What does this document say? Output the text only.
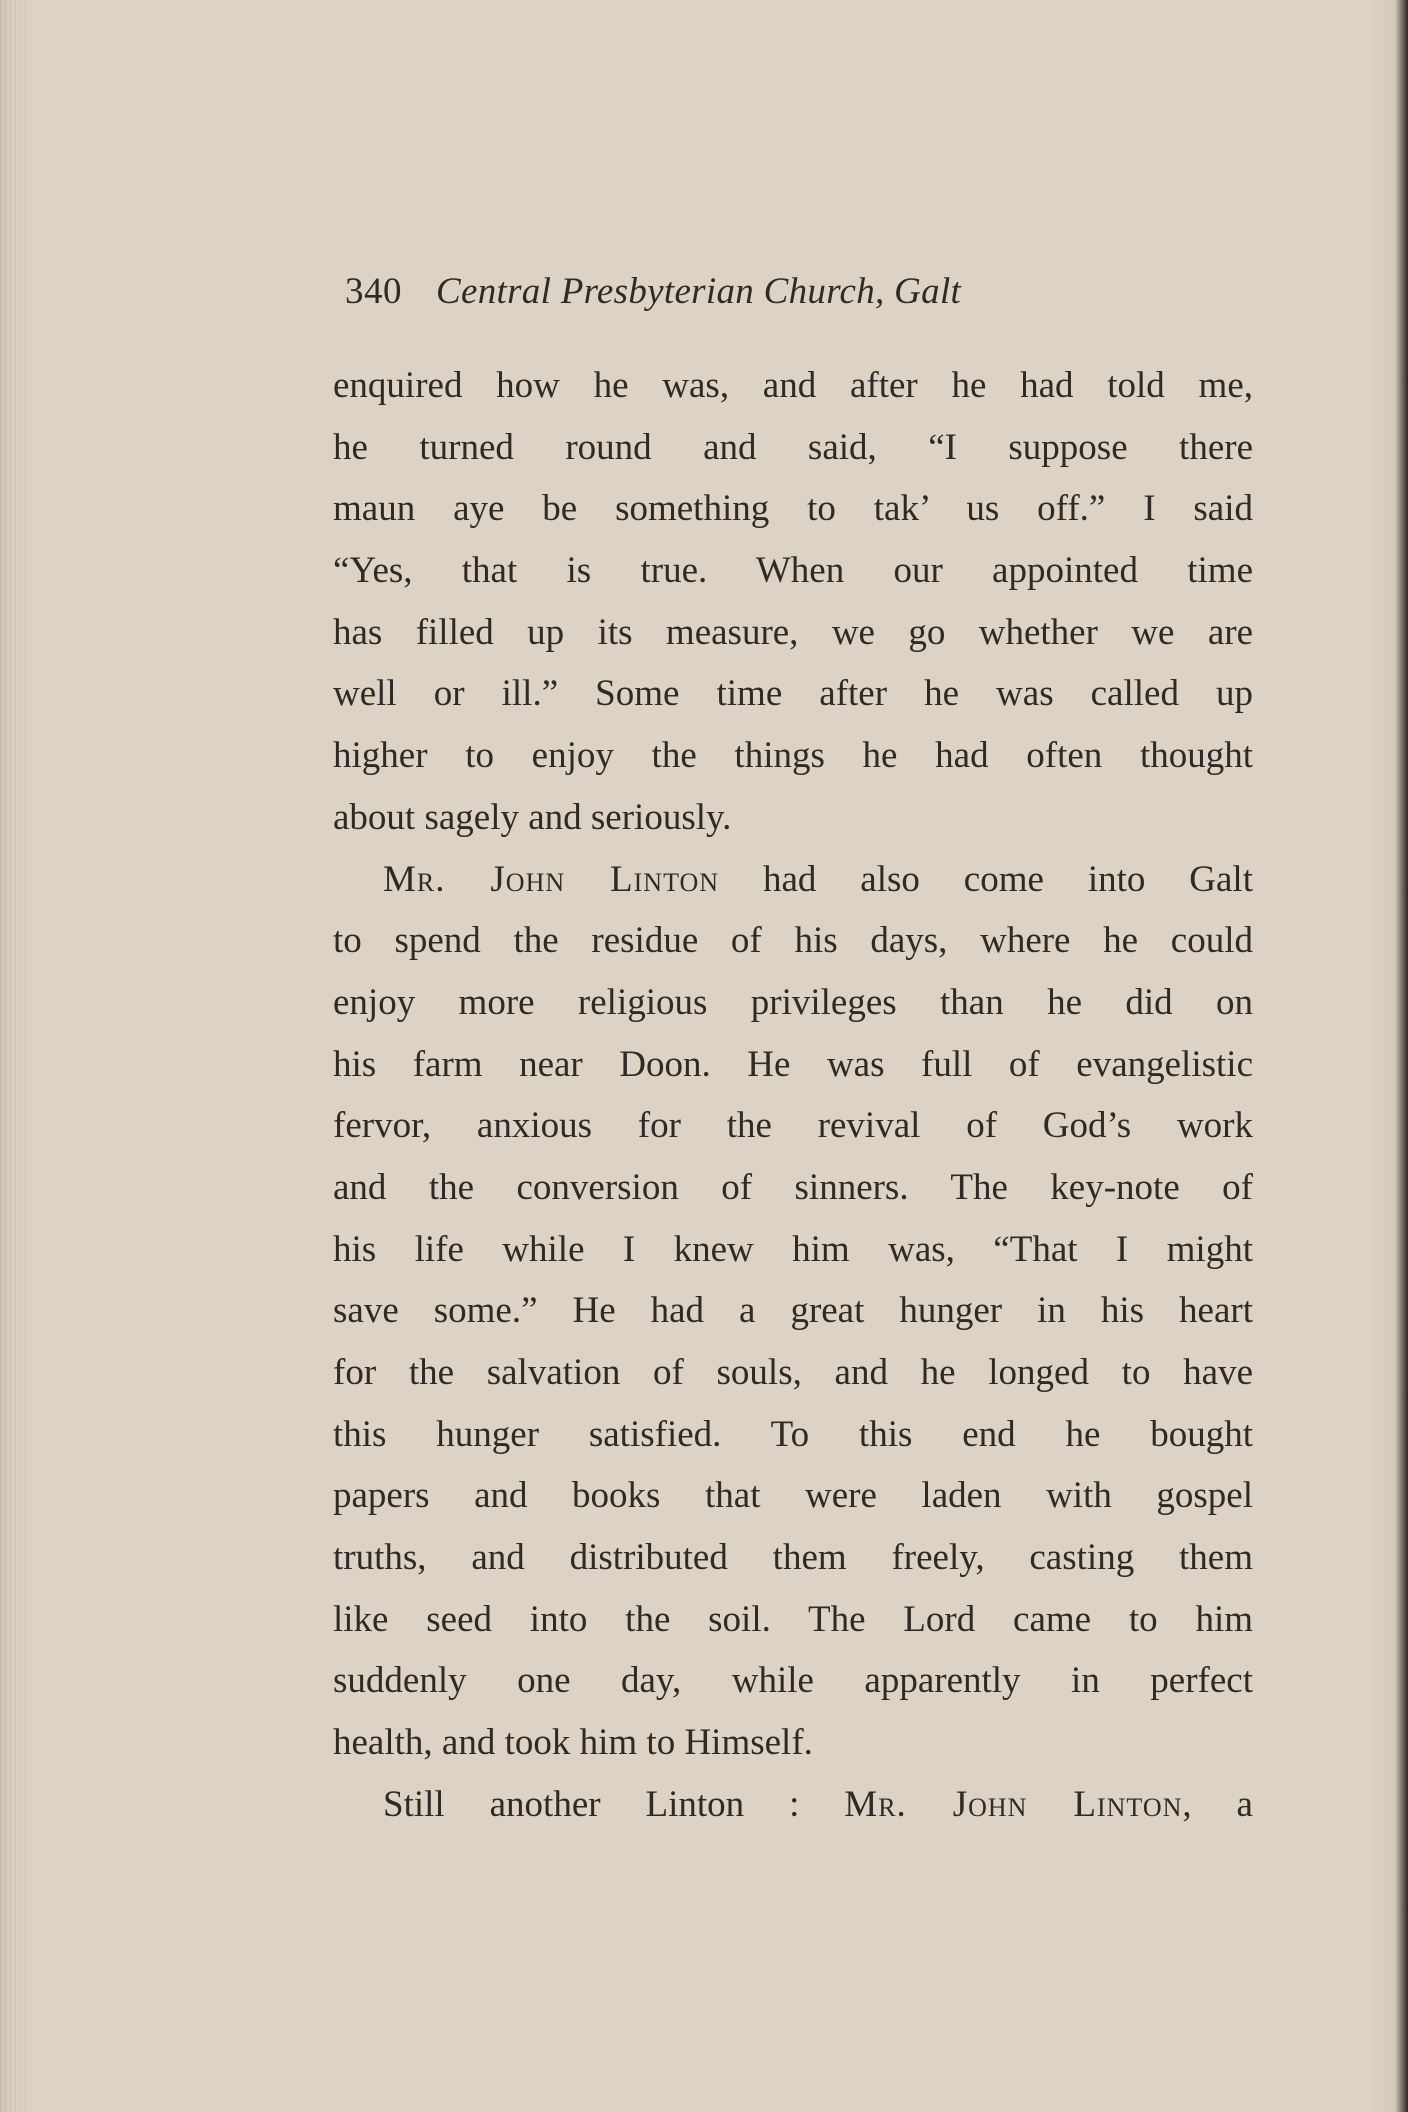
340 Central Presbyterian Church, Galt
enquired how he was, and after he had told me,
he turned round and said, “I suppose there
maun aye be something to tak’ us off.” I said
“Yes, that is true. When our appointed time
has filled up its measure, we go whether we are
well or ill.” Some time after he was called up
higher to enjoy the things he had often thought
about sagely and seriously.
Mr. John Linton had also come into Galt
to spend the residue of his days, where he could
enjoy more religious privileges than he did on
his farm near Doon. He was full of evangelistic
fervor, anxious for the revival of God’s work
and the conversion of sinners. The key-note of
his life while I knew him was, “That I might
save some.” He had a great hunger in his heart
for the salvation of souls, and he longed to have
this hunger satisfied. To this end he bought
papers and books that were laden with gospel
truths, and distributed them freely, casting them
like seed into the soil. The Lord came to him
suddenly one day, while apparently in perfect
health, and took him to Himself.
Still another Linton : Mr. John Linton, a
